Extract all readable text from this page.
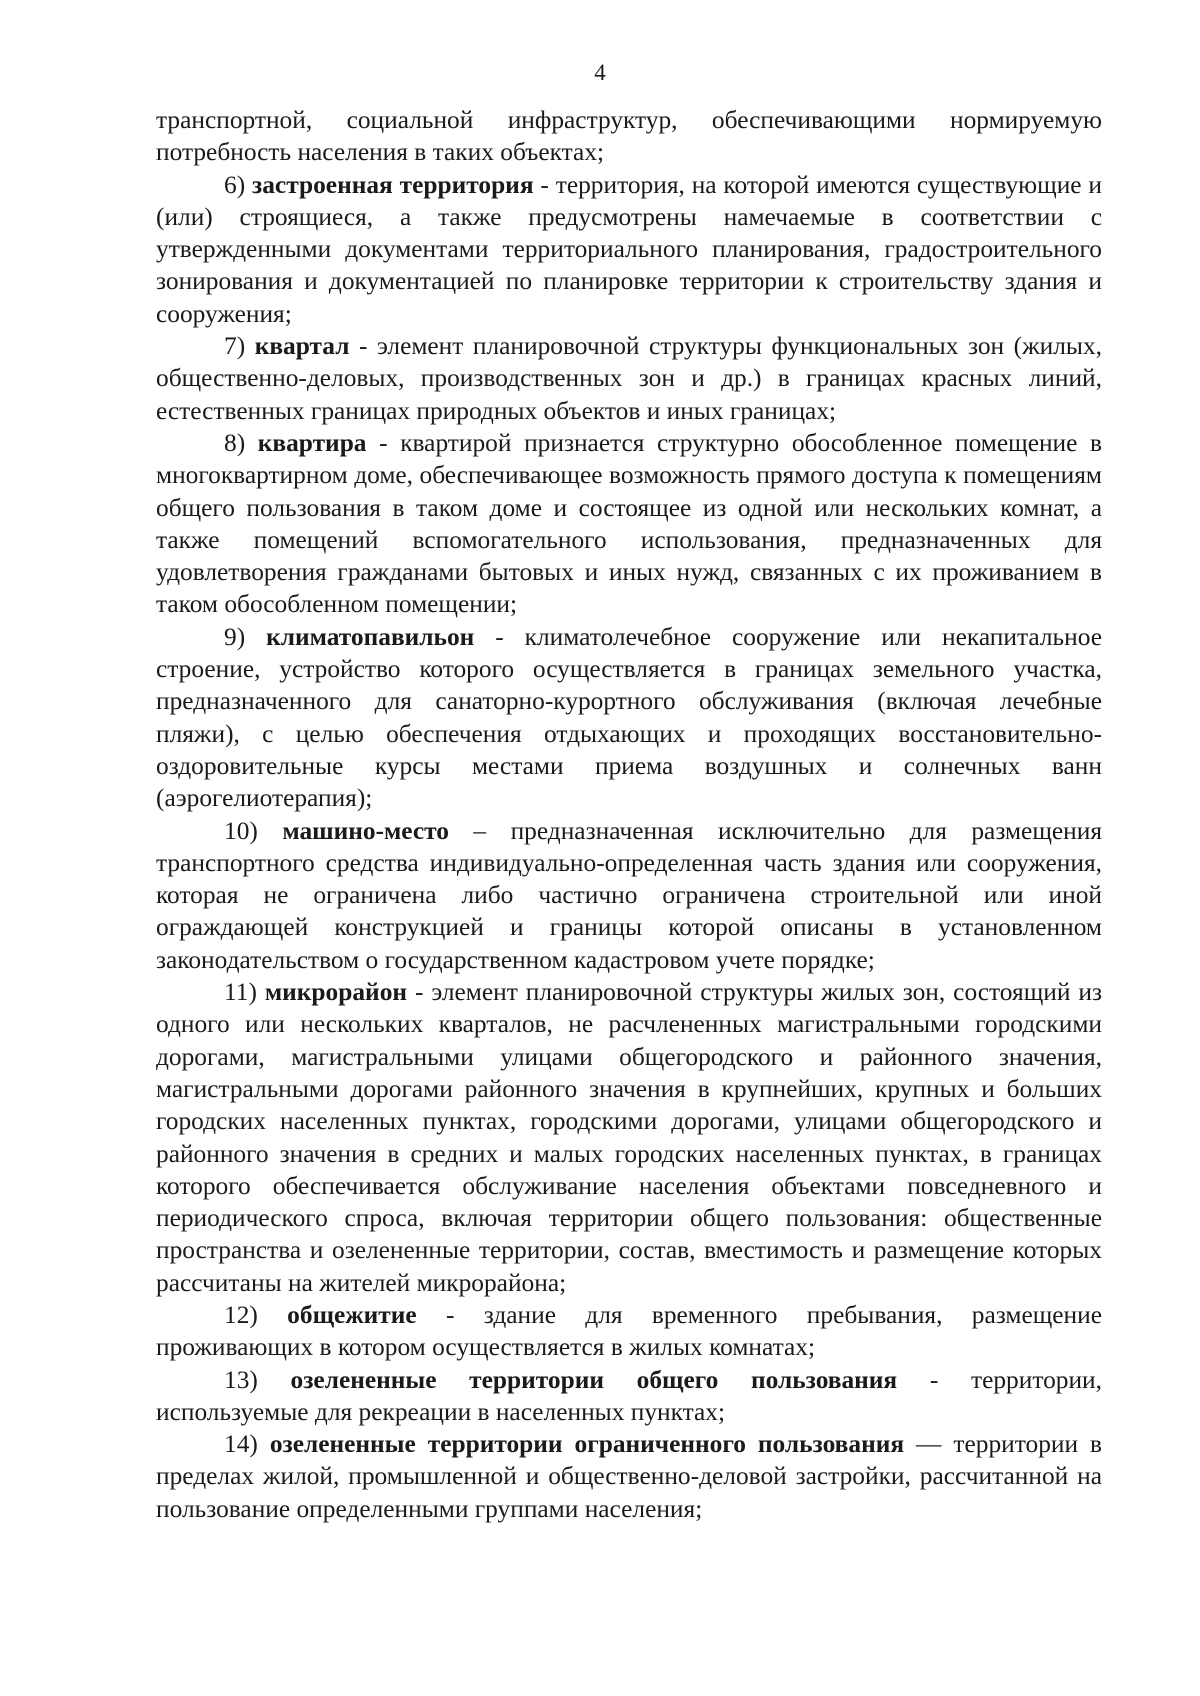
4

транспортной, социальной инфраструктур, обеспечивающими нормируемую потребность населения в таких объектах;

6) застроенная территория - территория, на которой имеются существующие и (или) строящиеся, а также предусмотрены намечаемые в соответствии с утвержденными документами территориального планирования, градостроительного зонирования и документацией по планировке территории к строительству здания и сооружения;

7) квартал - элемент планировочной структуры функциональных зон (жилых, общественно-деловых, производственных зон и др.) в границах красных линий, естественных границах природных объектов и иных границах;

8) квартира - квартирой признается структурно обособленное помещение в многоквартирном доме, обеспечивающее возможность прямого доступа к помещениям общего пользования в таком доме и состоящее из одной или нескольких комнат, а также помещений вспомогательного использования, предназначенных для удовлетворения гражданами бытовых и иных нужд, связанных с их проживанием в таком обособленном помещении;

9) климатопавильон - климатолечебное сооружение или некапитальное строение, устройство которого осуществляется в границах земельного участка, предназначенного для санаторно-курортного обслуживания (включая лечебные пляжи), с целью обеспечения отдыхающих и проходящих восстановительно-оздоровительные курсы местами приема воздушных и солнечных ванн (аэрогелиотерапия);

10) машино-место – предназначенная исключительно для размещения транспортного средства индивидуально-определенная часть здания или сооружения, которая не ограничена либо частично ограничена строительной или иной ограждающей конструкцией и границы которой описаны в установленном законодательством о государственном кадастровом учете порядке;

11) микрорайон - элемент планировочной структуры жилых зон, состоящий из одного или нескольких кварталов, не расчлененных магистральными городскими дорогами, магистральными улицами общегородского и районного значения, магистральными дорогами районного значения в крупнейших, крупных и больших городских населенных пунктах, городскими дорогами, улицами общегородского и районного значения в средних и малых городских населенных пунктах, в границах которого обеспечивается обслуживание населения объектами повседневного и периодического спроса, включая территории общего пользования: общественные пространства и озелененные территории, состав, вместимость и размещение которых рассчитаны на жителей микрорайона;

12) общежитие - здание для временного пребывания, размещение проживающих в котором осуществляется в жилых комнатах;

13) озелененные территории общего пользования - территории, используемые для рекреации в населенных пунктах;

14) озелененные территории ограниченного пользования — территории в пределах жилой, промышленной и общественно-деловой застройки, рассчитанной на пользование определенными группами населения;
